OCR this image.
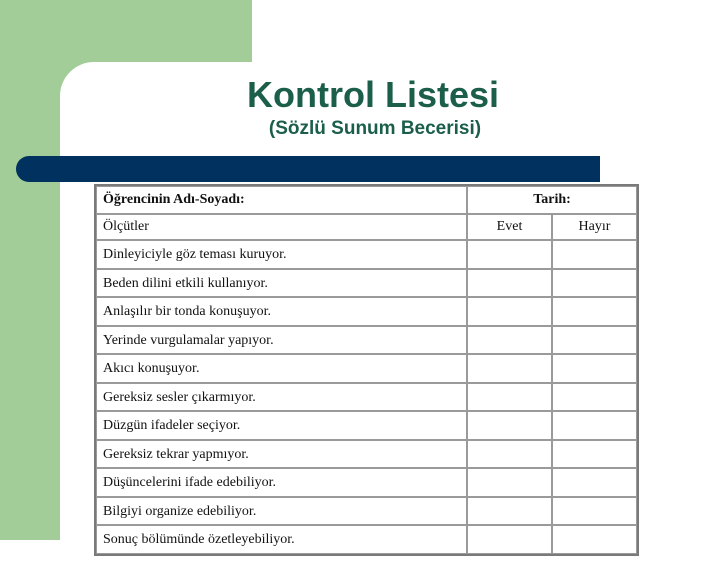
Kontrol Listesi
(Sözlü Sunum Becerisi)
Öğrencinin Adı-Soyadı:	Tarih:	
Ölçütler	Evet	Hayır
Dinleyiciyle göz teması kuruyor.		
Beden dilini etkili kullanıyor.		
Anlaşılır bir tonda konuşuyor.		
Yerinde vurgulamalar yapıyor.		
Akıcı konuşuyor.		
Gereksiz sesler çıkarmıyor.		
Düzgün ifadeler seçiyor.		
Gereksiz tekrar yapmıyor.		
Düşüncelerini ifade edebiliyor.		
Bilgiyi organize edebiliyor.		
Sonuç bölümünde özetleyebiliyor.		
